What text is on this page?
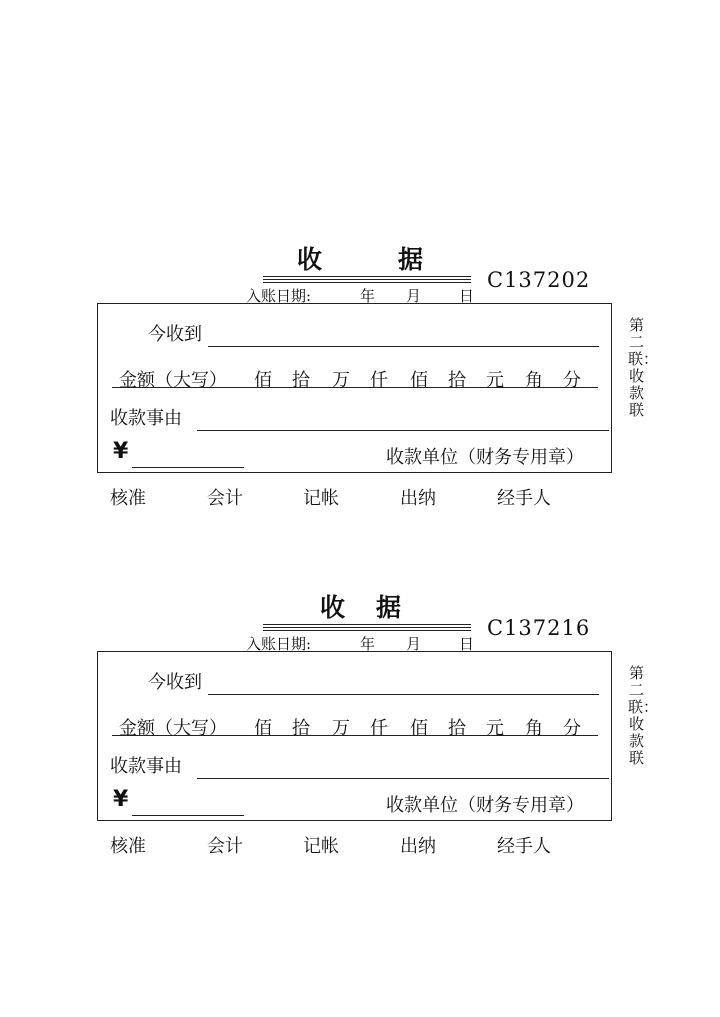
收	据
入账日期:	年 月	日
C137202
今收到
金额（大写） 佰 拾 万 仟 佰 拾 元 角 分
收款事由
¥	收款单位（财务专用章）
核准	会计	记帐	出纳	经手人
第二联：收款联
收 据
入账日期:	年 月	日
C137216
今收到
金额（大写） 佰 拾 万 仟 佰 拾 元 角 分
收款事由
¥	收款单位（财务专用章）
核准	会计	记帐	出纳	经手人
第二联：收款联
